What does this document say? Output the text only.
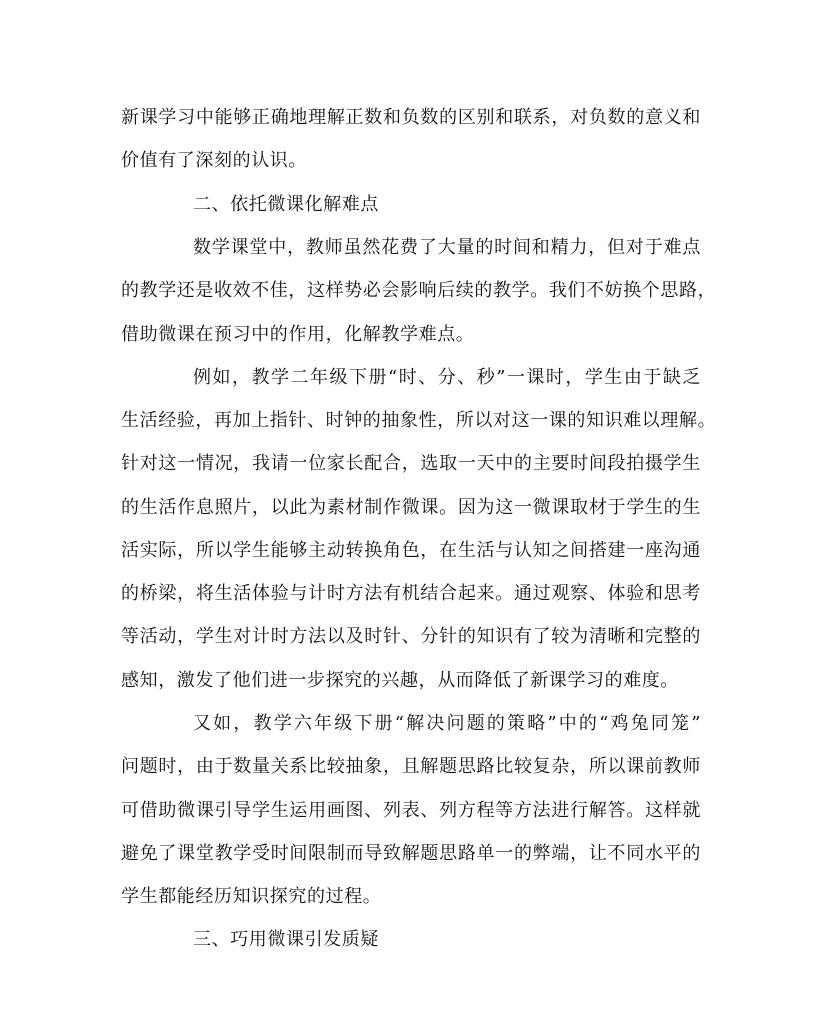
新课学习中能够正确地理解正数和负数的区别和联系，对负数的意义和
价值有了深刻的认识。
二、依托微课化解难点
数学课堂中，教师虽然花费了大量的时间和精力，但对于难点
的教学还是收效不佳，这样势必会影响后续的教学。我们不妨换个思路，
借助微课在预习中的作用，化解教学难点。
例如，教学二年级下册“时、分、秒”一课时，学生由于缺乏
生活经验，再加上指针、时钟的抽象性，所以对这一课的知识难以理解。
针对这一情况，我请一位家长配合，选取一天中的主要时间段拍摄学生
的生活作息照片，以此为素材制作微课。因为这一微课取材于学生的生
活实际，所以学生能够主动转换角色，在生活与认知之间搭建一座沟通
的桥梁，将生活体验与计时方法有机结合起来。通过观察、体验和思考
等活动，学生对计时方法以及时针、分针的知识有了较为清晰和完整的
感知，激发了他们进一步探究的兴趣，从而降低了新课学习的难度。
又如，教学六年级下册“解决问题的策略”中的“鸡兔同笼”
问题时，由于数量关系比较抽象，且解题思路比较复杂，所以课前教师
可借助微课引导学生运用画图、列表、列方程等方法进行解答。这样就
避免了课堂教学受时间限制而导致解题思路单一的弊端，让不同水平的
学生都能经历知识探究的过程。
三、巧用微课引发质疑
